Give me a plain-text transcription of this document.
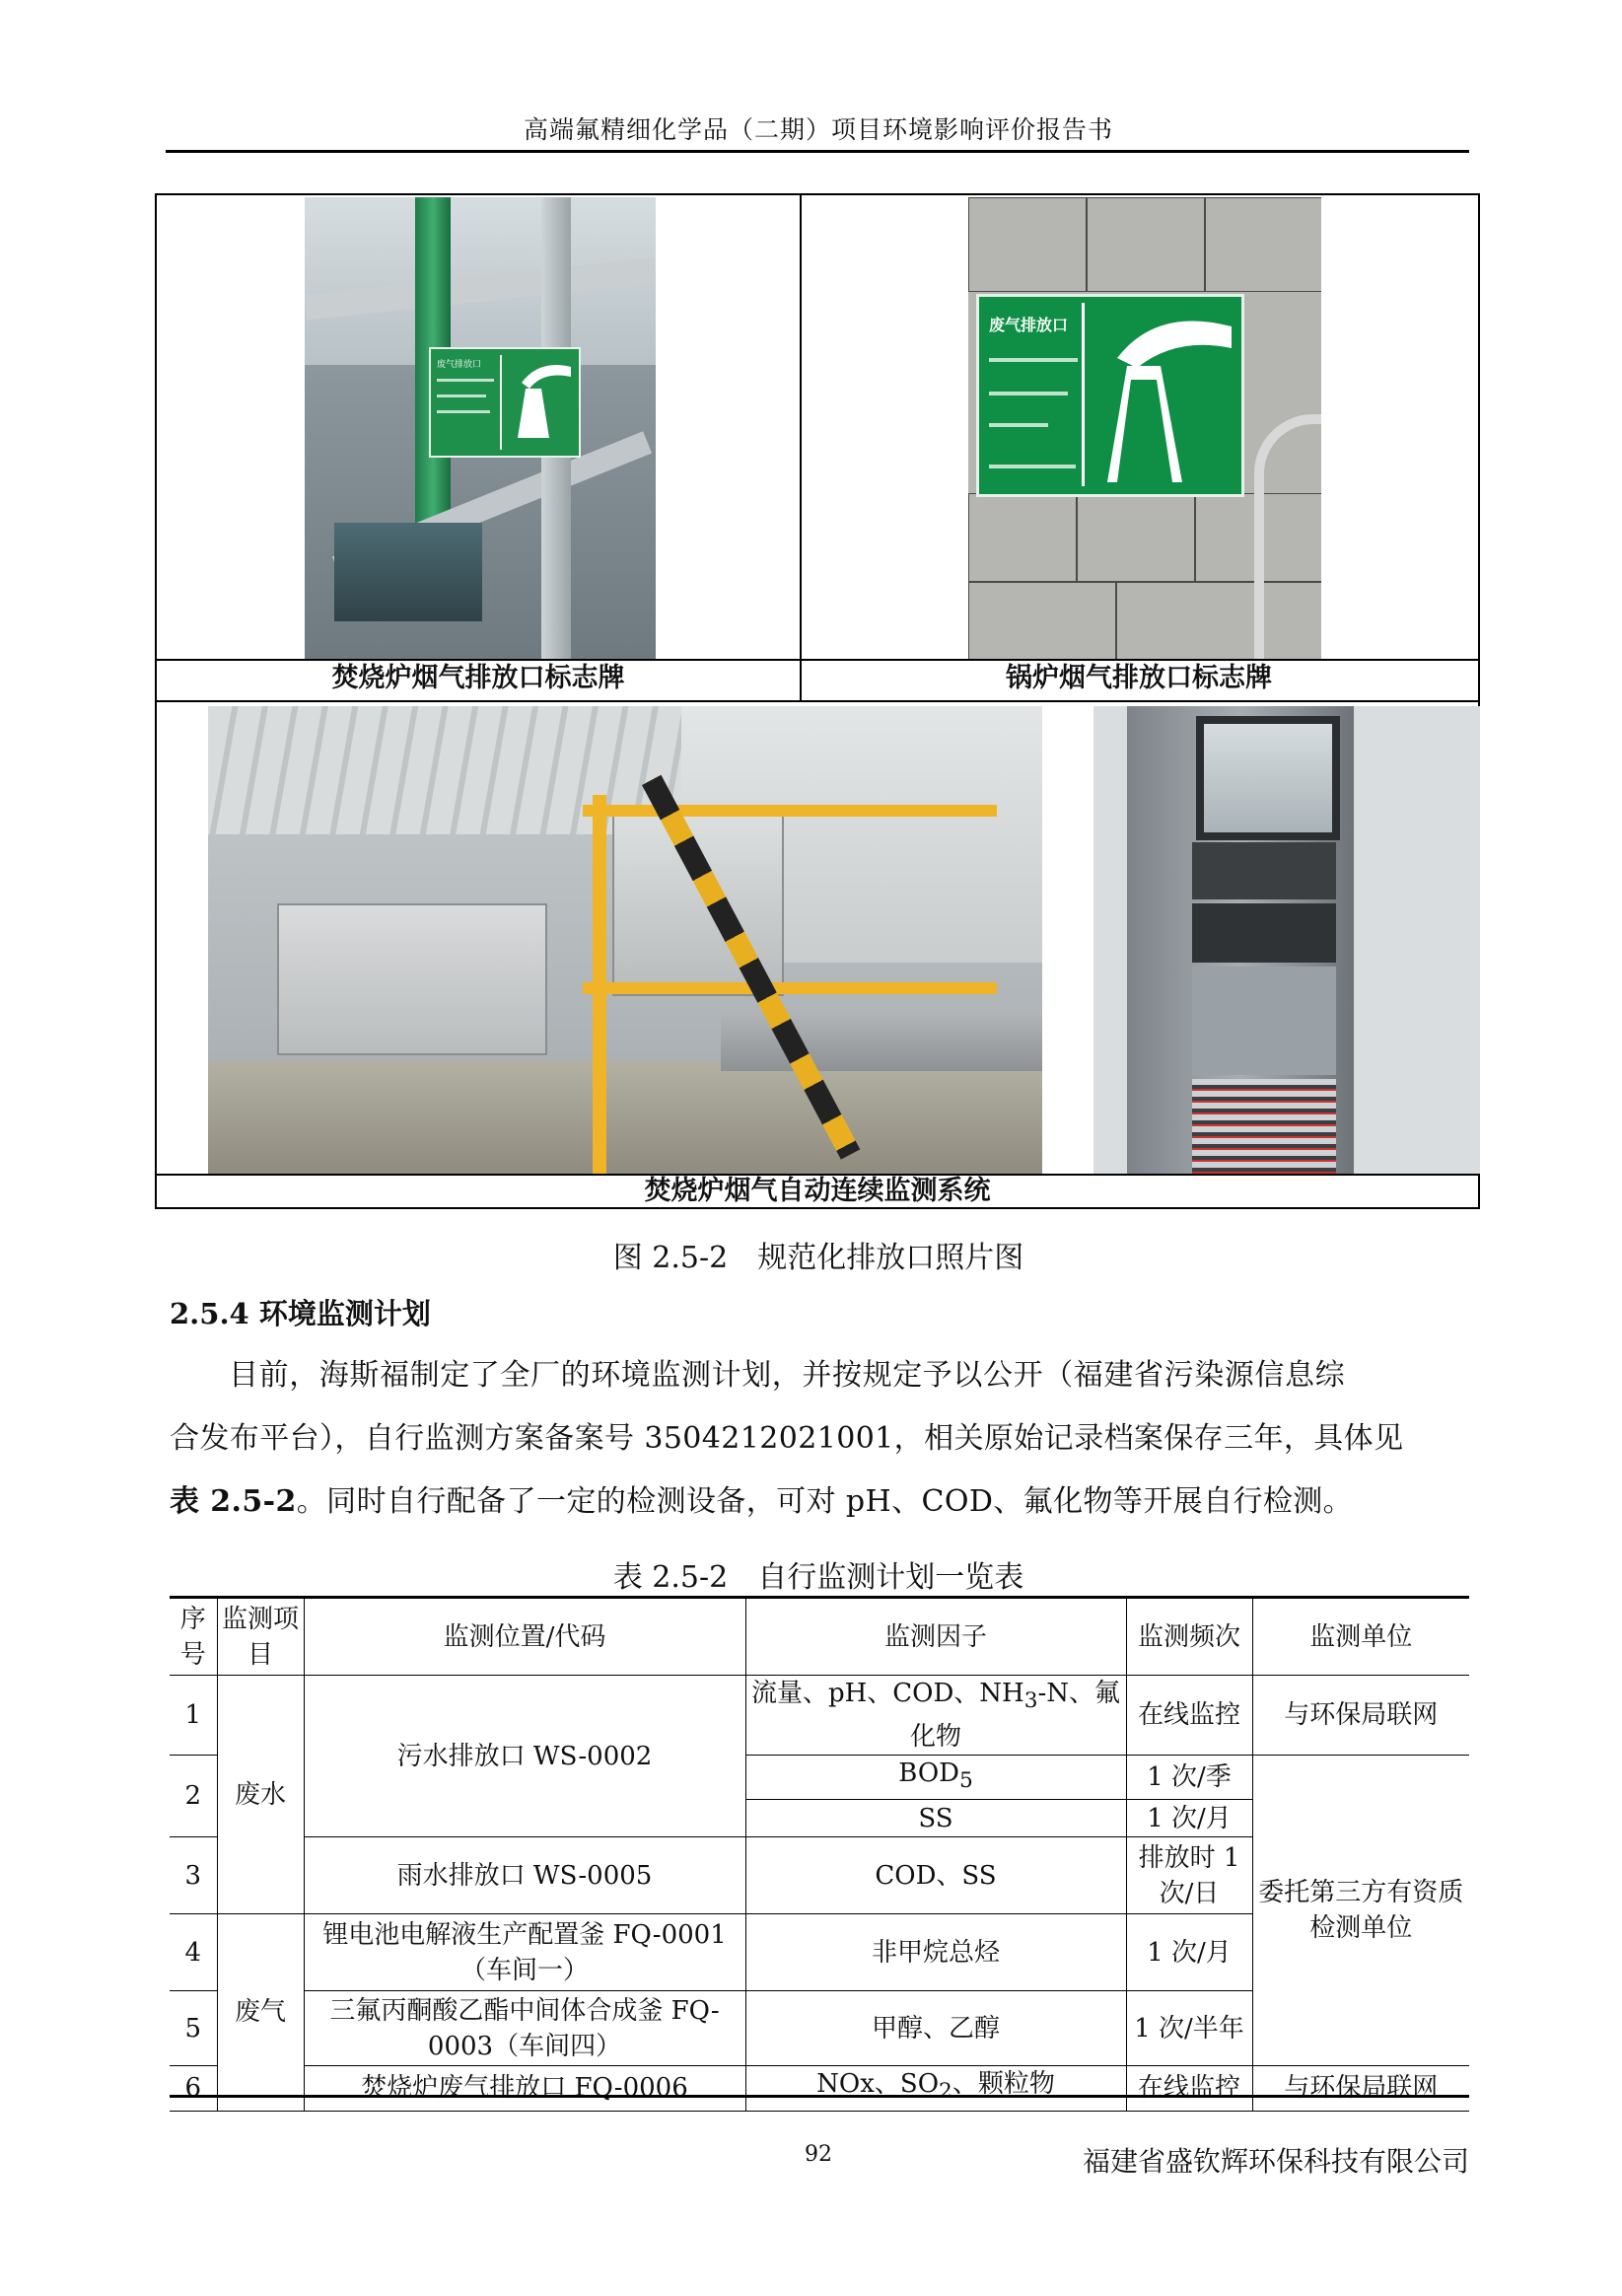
高端氟精细化学品（二期）项目环境影响评价报告书
废气排放口
焚烧炉烟气排放口标志牌
废气排放口
锅炉烟气排放口标志牌
焚烧炉烟气自动连续监测系统
图 2.5-2　规范化排放口照片图
2.5.4 环境监测计划
目前，海斯福制定了全厂的环境监测计划，并按规定予以公开（福建省污染源信息综
合发布平台），自行监测方案备案号 3504212021001，相关原始记录档案保存三年，具体见
表 2.5-2。同时自行配备了一定的检测设备，可对 pH、COD、氟化物等开展自行检测。
表 2.5-2　自行监测计划一览表
序号	监测项目	监测位置/代码	监测因子	监测频次	监测单位
1	废水	污水排放口 WS-0002	流量、pH、COD、$NH_3-N$、氟化物	在线监控	与环保局联网
2			$BOD_5$	1 次/季	委托第三方有资质检测单位
			SS	1 次/月	
3		雨水排放口 WS-0005	COD、SS	排放时 1 次/日	
4	废气	锂电池电解液生产配置釜 FQ-0001（车间一）	非甲烷总烃	1 次/月	
5		三氟丙酮酸乙酯中间体合成釜 FQ-0003（车间四）	甲醇、乙醇	1 次/半年	
6		焚烧炉废气排放口 FQ-0006	NOx、$SO_2$、颗粒物	在线监控	与环保局联网
92	福建省盛钦辉环保科技有限公司
